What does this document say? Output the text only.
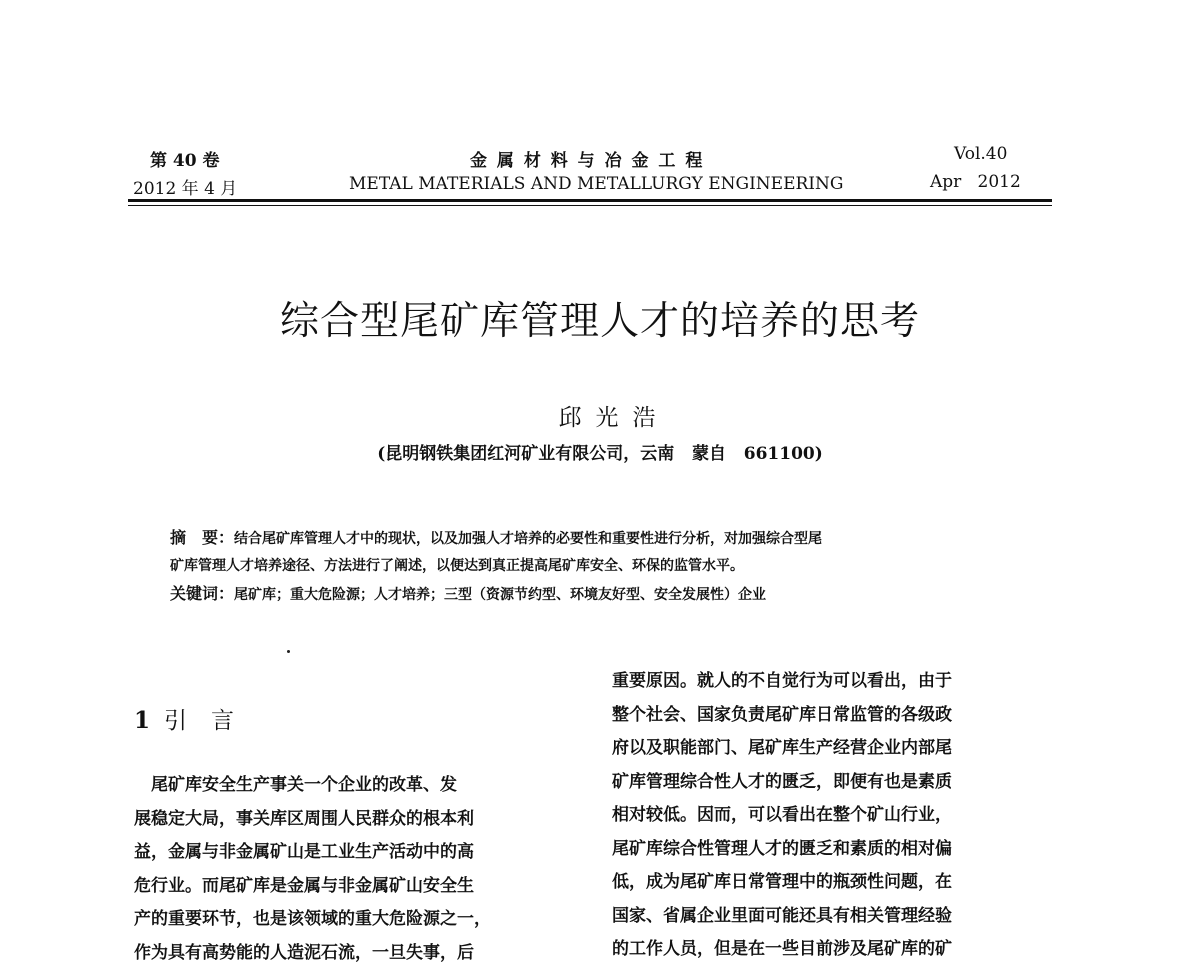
第 40 卷
2012 年 4 月
金 属 材 料 与 冶 金 工 程
METAL MATERIALS AND METALLURGY ENGINEERING
Vol.40
Apr   2012
综合型尾矿库管理人才的培养的思考
邱光浩
(昆明钢铁集团红河矿业有限公司，云南   蒙自   661100)
摘　要：结合尾矿库管理人才中的现状，以及加强人才培养的必要性和重要性进行分析，对加强综合型尾
矿库管理人才培养途径、方法进行了阐述，以便达到真正提高尾矿库安全、环保的监管水平。
关键词：尾矿库；重大危险源；人才培养；三型（资源节约型、环境友好型、安全发展性）企业
1 引 言
　尾矿库安全生产事关一个企业的改革、发
展稳定大局，事关库区周围人民群众的根本利
益，金属与非金属矿山是工业生产活动中的高
危行业。而尾矿库是金属与非金属矿山安全生
产的重要环节，也是该领域的重大危险源之一，
作为具有高势能的人造泥石流，一旦失事，后
重要原因。就人的不自觉行为可以看出，由于
整个社会、国家负责尾矿库日常监管的各级政
府以及职能部门、尾矿库生产经营企业内部尾
矿库管理综合性人才的匮乏，即便有也是素质
相对较低。因而，可以看出在整个矿山行业，
尾矿库综合性管理人才的匮乏和素质的相对偏
低，成为尾矿库日常管理中的瓶颈性问题，在
国家、省属企业里面可能还具有相关管理经验
的工作人员，但是在一些目前涉及尾矿库的矿
